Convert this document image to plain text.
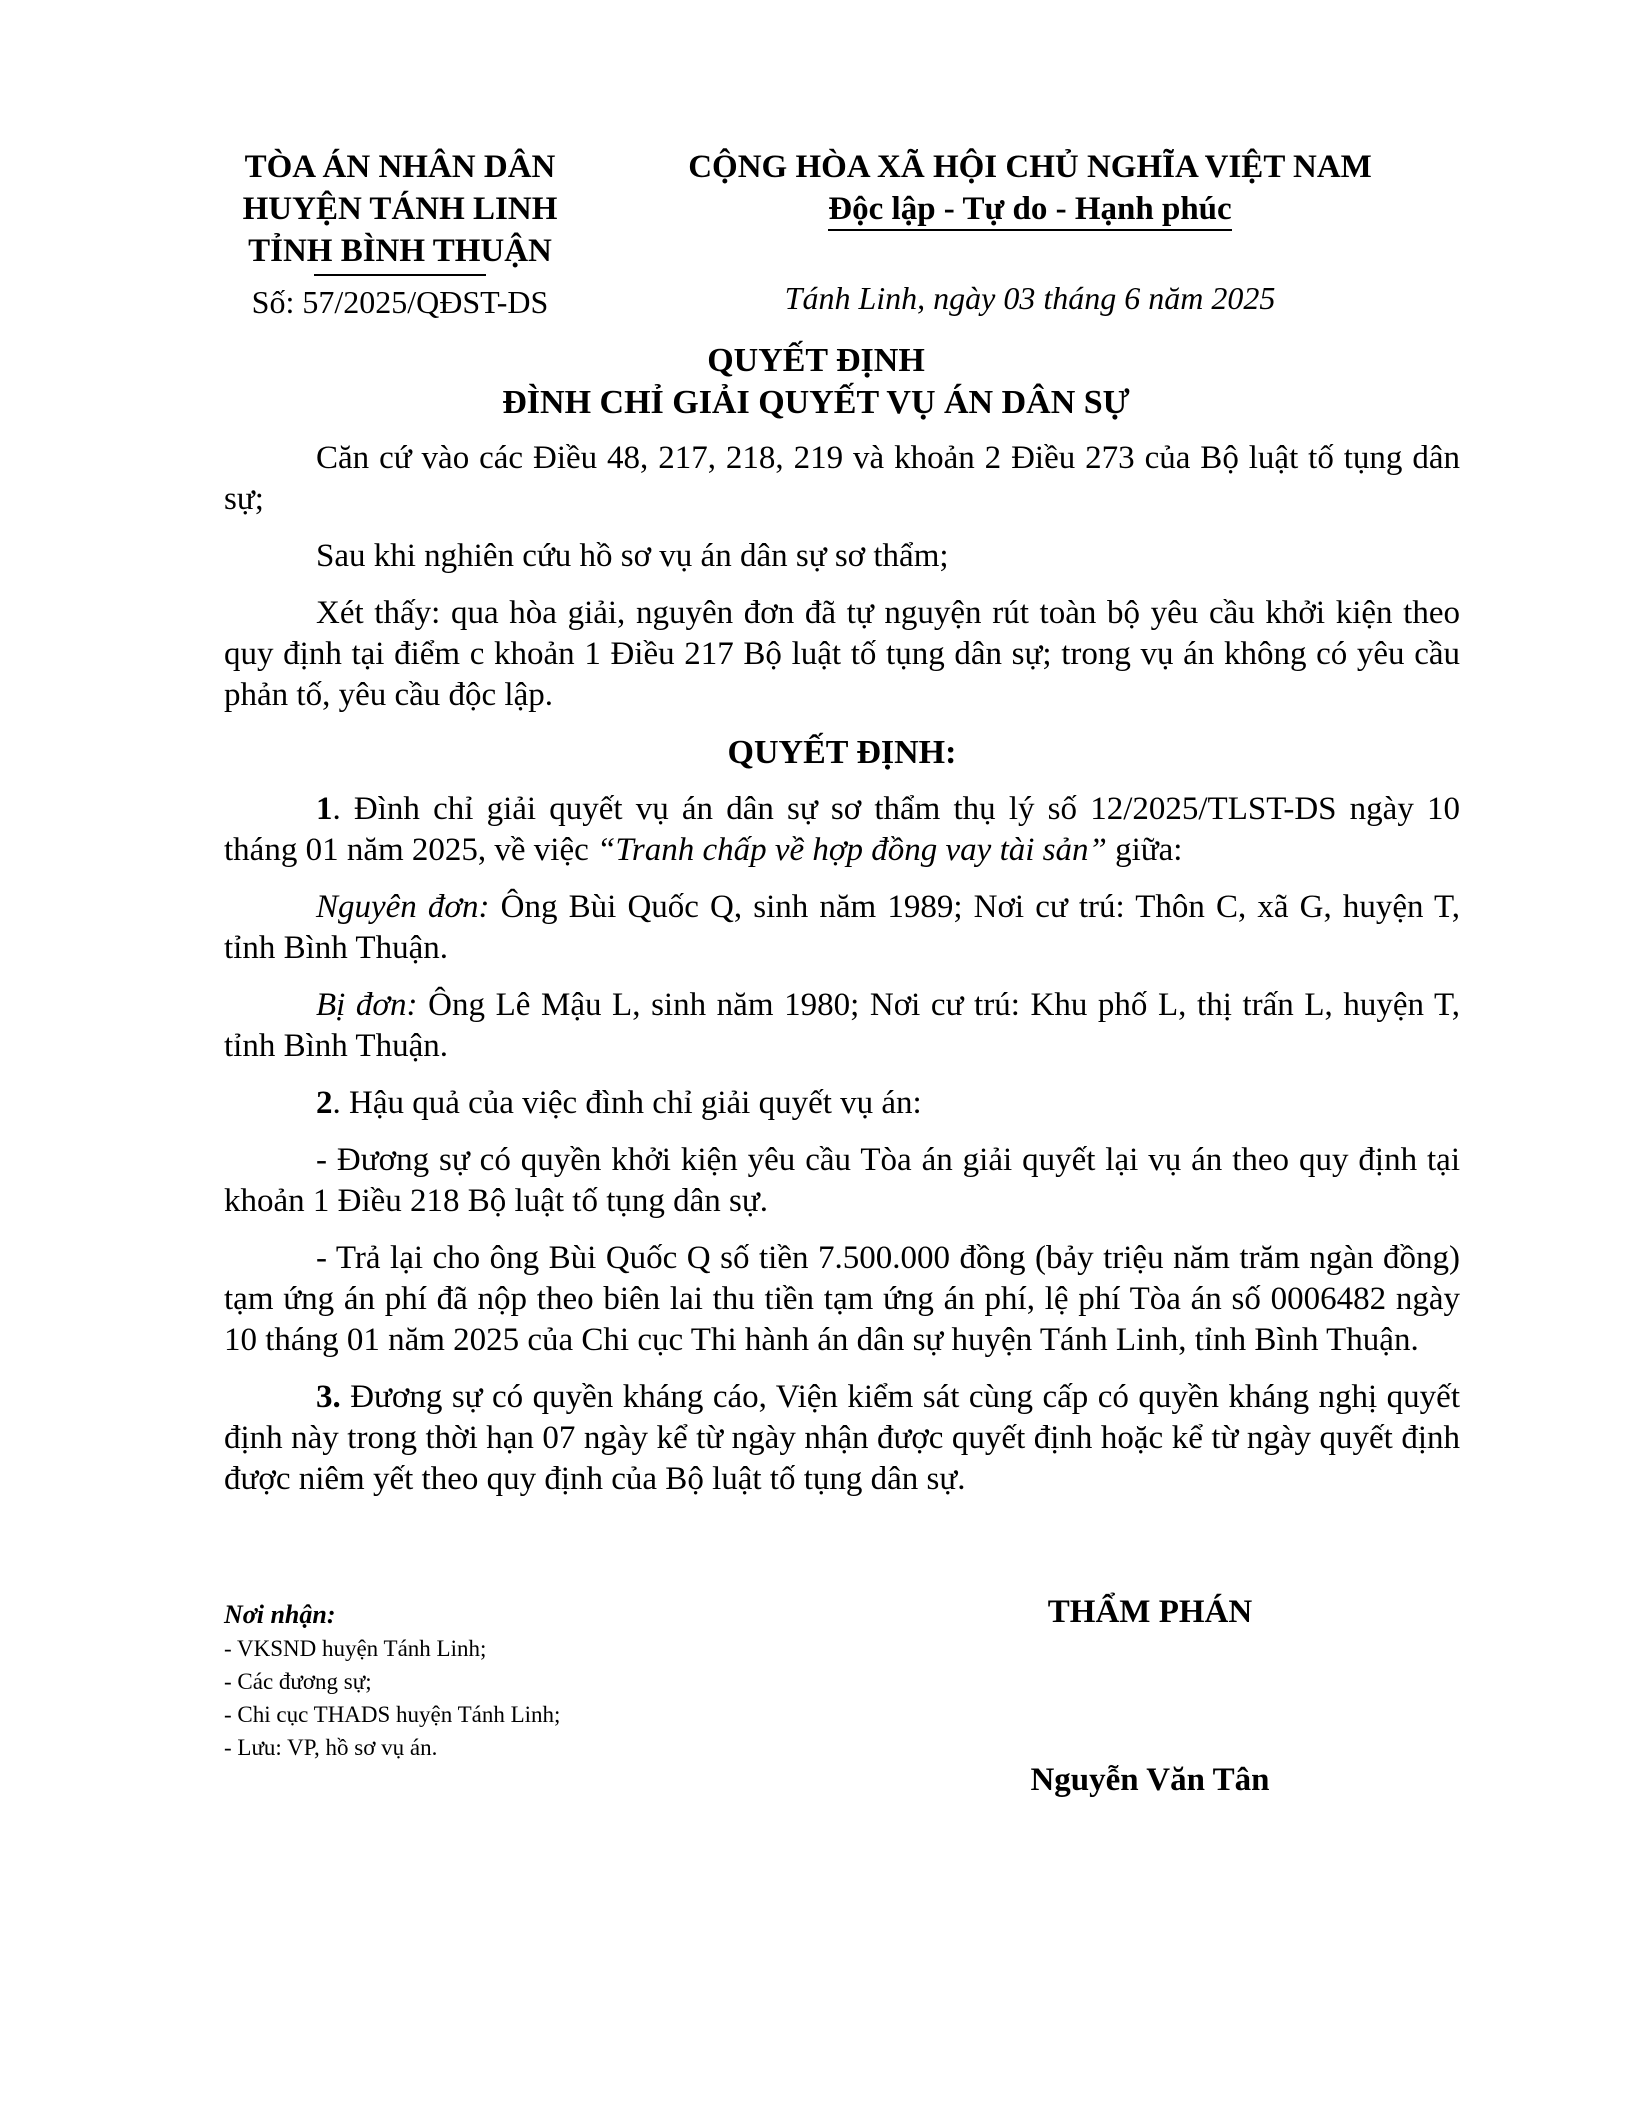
TÒA ÁN NHÂN DÂN
HUYỆN TÁNH LINH
TỈNH BÌNH THUẬN
Số: 57/2025/QĐST-DS
CỘNG HÒA XÃ HỘI CHỦ NGHĨA VIỆT NAM
Độc lập - Tự do - Hạnh phúc
Tánh Linh, ngày 03 tháng 6 năm 2025
QUYẾT ĐỊNH
ĐÌNH CHỈ GIẢI QUYẾT VỤ ÁN DÂN SỰ

Căn cứ vào các Điều 48, 217, 218, 219 và khoản 2 Điều 273 của Bộ luật tố tụng dân sự;

Sau khi nghiên cứu hồ sơ vụ án dân sự sơ thẩm;

Xét thấy: qua hòa giải, nguyên đơn đã tự nguyện rút toàn bộ yêu cầu khởi kiện theo quy định tại điểm c khoản 1 Điều 217 Bộ luật tố tụng dân sự; trong vụ án không có yêu cầu phản tố, yêu cầu độc lập.

QUYẾT ĐỊNH:

1. Đình chỉ giải quyết vụ án dân sự sơ thẩm thụ lý số 12/2025/TLST-DS ngày 10 tháng 01 năm 2025, về việc “Tranh chấp về hợp đồng vay tài sản” giữa:

Nguyên đơn: Ông Bùi Quốc Q, sinh năm 1989; Nơi cư trú: Thôn C, xã G, huyện T, tỉnh Bình Thuận.

Bị đơn: Ông Lê Mậu L, sinh năm 1980; Nơi cư trú: Khu phố L, thị trấn L, huyện T, tỉnh Bình Thuận.

2. Hậu quả của việc đình chỉ giải quyết vụ án:

- Đương sự có quyền khởi kiện yêu cầu Tòa án giải quyết lại vụ án theo quy định tại khoản 1 Điều 218 Bộ luật tố tụng dân sự.

- Trả lại cho ông Bùi Quốc Q số tiền 7.500.000 đồng (bảy triệu năm trăm ngàn đồng) tạm ứng án phí đã nộp theo biên lai thu tiền tạm ứng án phí, lệ phí Tòa án số 0006482 ngày 10 tháng 01 năm 2025 của Chi cục Thi hành án dân sự huyện Tánh Linh, tỉnh Bình Thuận.

3. Đương sự có quyền kháng cáo, Viện kiểm sát cùng cấp có quyền kháng nghị quyết định này trong thời hạn 07 ngày kể từ ngày nhận được quyết định hoặc kể từ ngày quyết định được niêm yết theo quy định của Bộ luật tố tụng dân sự.

Nơi nhận:
- VKSND huyện Tánh Linh;
- Các đương sự;
- Chi cục THADS huyện Tánh Linh;
- Lưu: VP, hồ sơ vụ án.
THẨM PHÁN
Nguyễn Văn Tân
